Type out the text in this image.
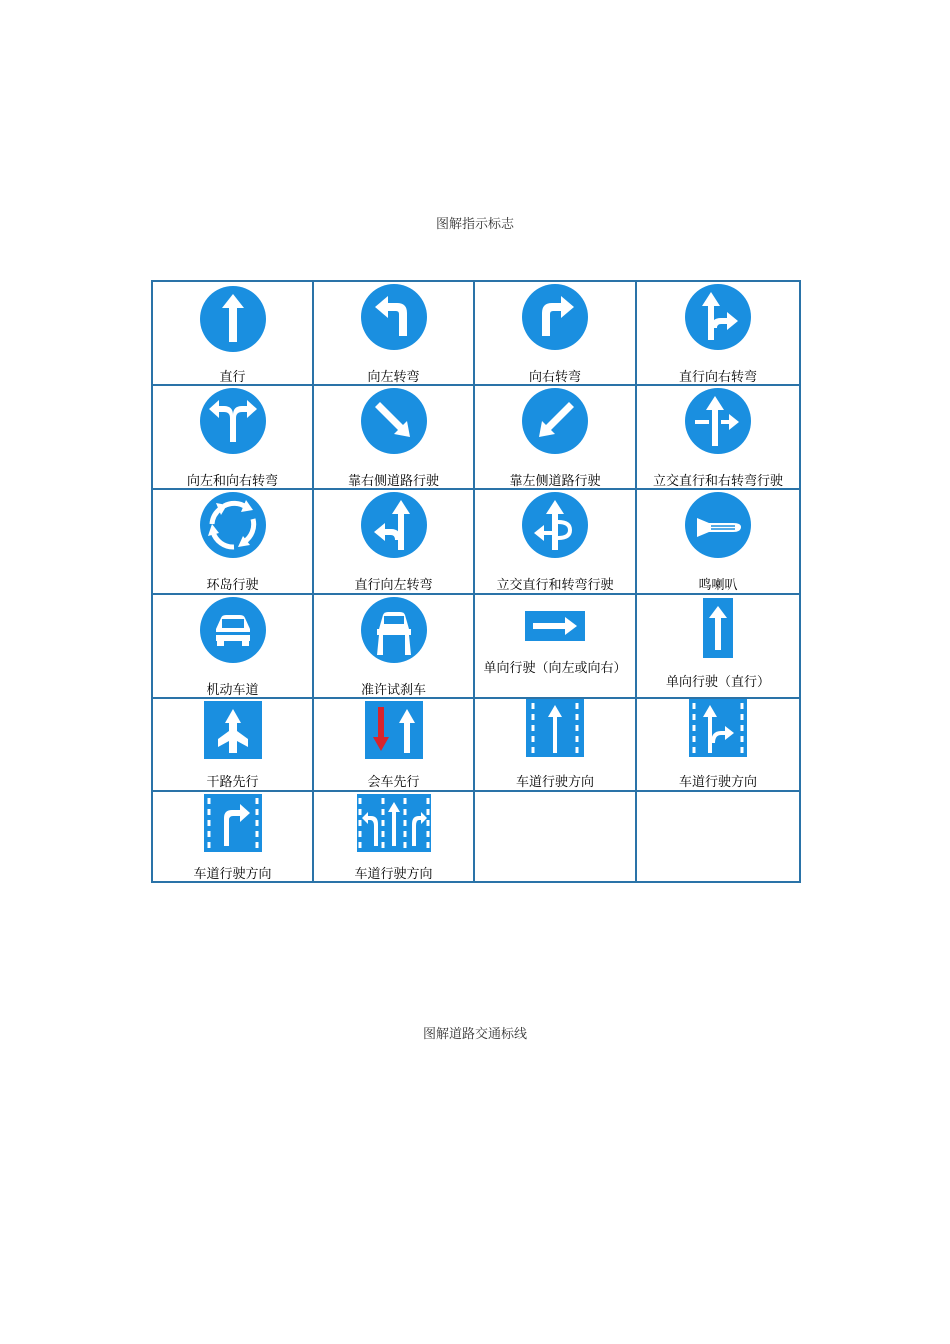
图解指示标志
直行	向左转弯	向右转弯	直行向右转弯

向左和向右转弯	靠右侧道路行驶	靠左侧道路行驶	立交直行和右转弯行驶

环岛行驶	直行向左转弯	立交直行和转弯行驶	鸣喇叭

机动车道	准许试刹车	单向行驶（向左或向右）	单向行驶（直行）

干路先行	会车先行	车道行驶方向	车道行驶方向

车道行驶方向	车道行驶方向		

图解道路交通标线
